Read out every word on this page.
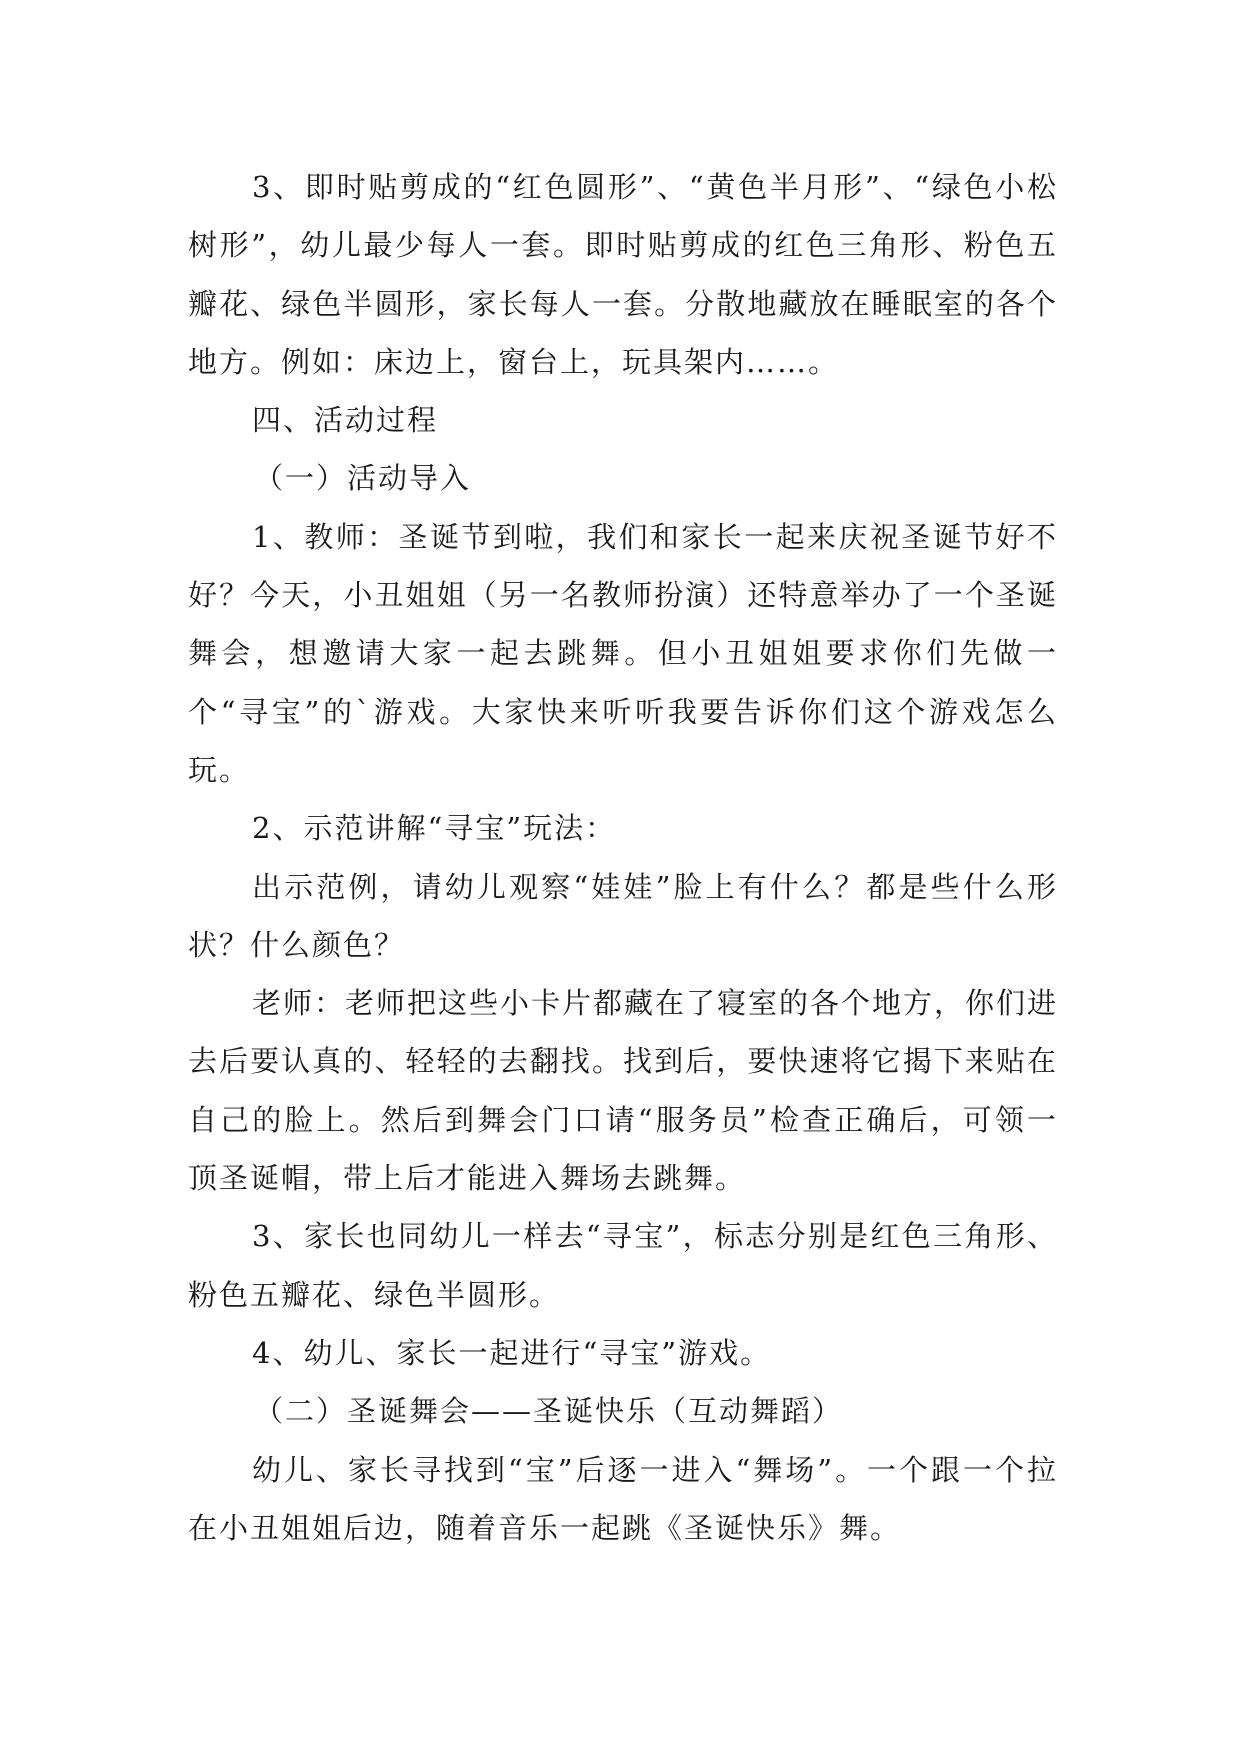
3、即时贴剪成的“红色圆形”、“黄色半月形”、“绿色小松树形”，幼儿最少每人一套。即时贴剪成的红色三角形、粉色五瓣花、绿色半圆形，家长每人一套。分散地藏放在睡眠室的各个地方。例如：床边上，窗台上，玩具架内……。

四、活动过程

（一）活动导入

1、教师：圣诞节到啦，我们和家长一起来庆祝圣诞节好不好？今天，小丑姐姐（另一名教师扮演）还特意举办了一个圣诞舞会，想邀请大家一起去跳舞。但小丑姐姐要求你们先做一个“寻宝”的`游戏。大家快来听听我要告诉你们这个游戏怎么玩。

2、示范讲解“寻宝”玩法：

出示范例，请幼儿观察“娃娃”脸上有什么？都是些什么形状？什么颜色？

老师：老师把这些小卡片都藏在了寝室的各个地方，你们进去后要认真的、轻轻的去翻找。找到后，要快速将它揭下来贴在自己的脸上。然后到舞会门口请“服务员”检查正确后，可领一顶圣诞帽，带上后才能进入舞场去跳舞。

3、家长也同幼儿一样去“寻宝”，标志分别是红色三角形、粉色五瓣花、绿色半圆形。

4、幼儿、家长一起进行“寻宝”游戏。

（二）圣诞舞会——圣诞快乐（互动舞蹈）

幼儿、家长寻找到“宝”后逐一进入“舞场”。一个跟一个拉在小丑姐姐后边，随着音乐一起跳《圣诞快乐》舞。
